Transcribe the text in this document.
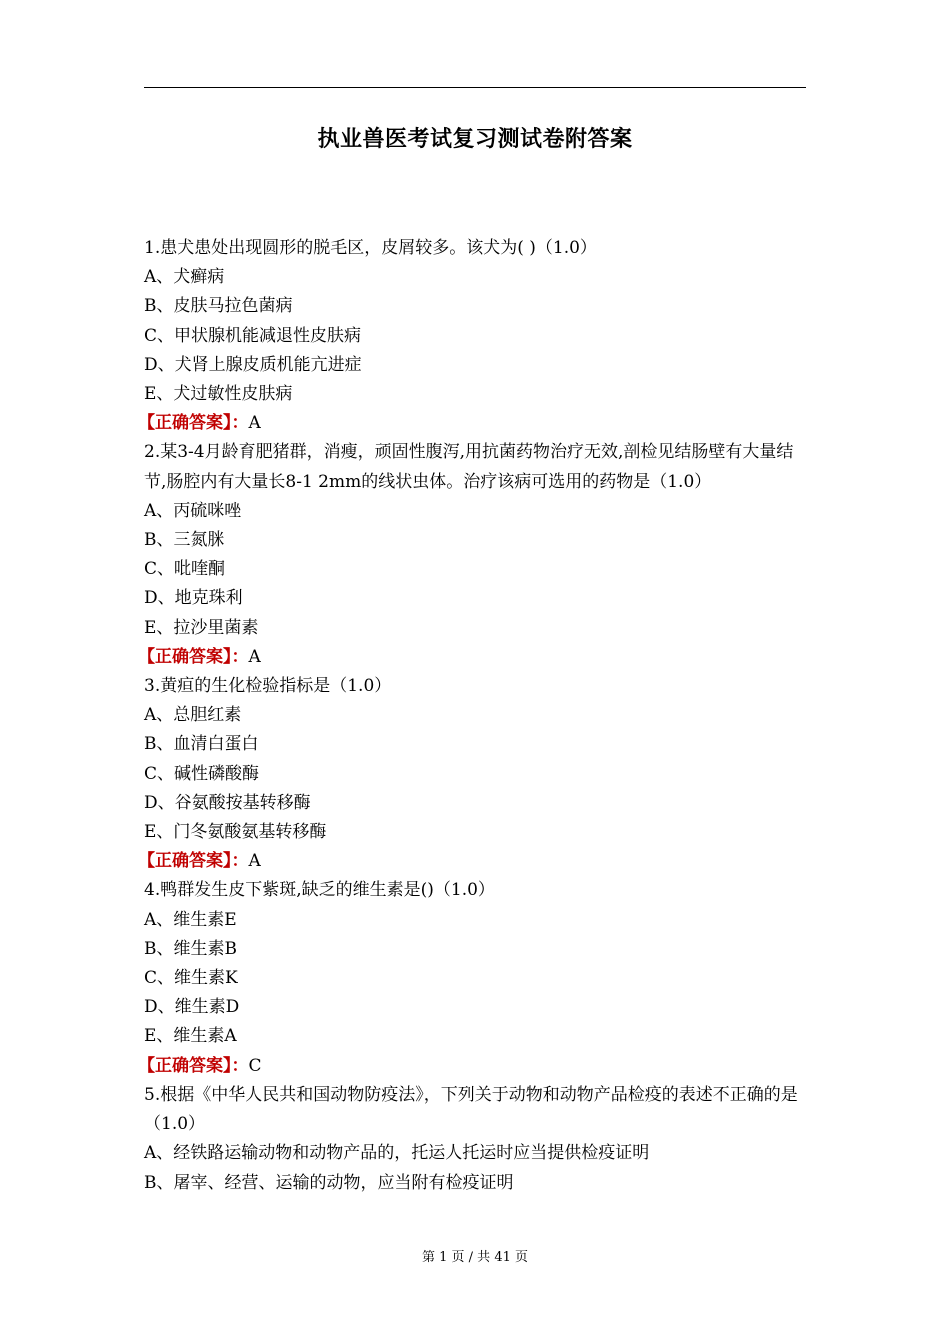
执业兽医考试复习测试卷附答案
1.患犬患处出现圆形的脱毛区，皮屑较多。该犬为( )（1.0）
A、犬癣病
B、皮肤马拉色菌病
C、甲状腺机能减退性皮肤病
D、犬肾上腺皮质机能亢进症
E、犬过敏性皮肤病
【正确答案】：A
2.某3-4月龄育肥猪群，消瘦，顽固性腹泻,用抗菌药物治疗无效,剖检见结肠壁有大量结节,肠腔内有大量长8-1 2mm的线状虫体。治疗该病可选用的药物是（1.0）
A、丙硫咪唑
B、三氮脒
C、吡喹酮
D、地克珠利
E、拉沙里菌素
【正确答案】：A
3.黄疸的生化检验指标是（1.0）
A、总胆红素
B、血清白蛋白
C、碱性磷酸酶
D、谷氨酸按基转移酶
E、门冬氨酸氨基转移酶
【正确答案】：A
4.鸭群发生皮下紫斑,缺乏的维生素是()（1.0）
A、维生素E
B、维生素B
C、维生素K
D、维生素D
E、维生素A
【正确答案】：C
5.根据《中华人民共和国动物防疫法》，下列关于动物和动物产品检疫的表述不正确的是（1.0）
A、经铁路运输动物和动物产品的，托运人托运时应当提供检疫证明
B、屠宰、经营、运输的动物，应当附有检疫证明
第 1 页 / 共 41 页
